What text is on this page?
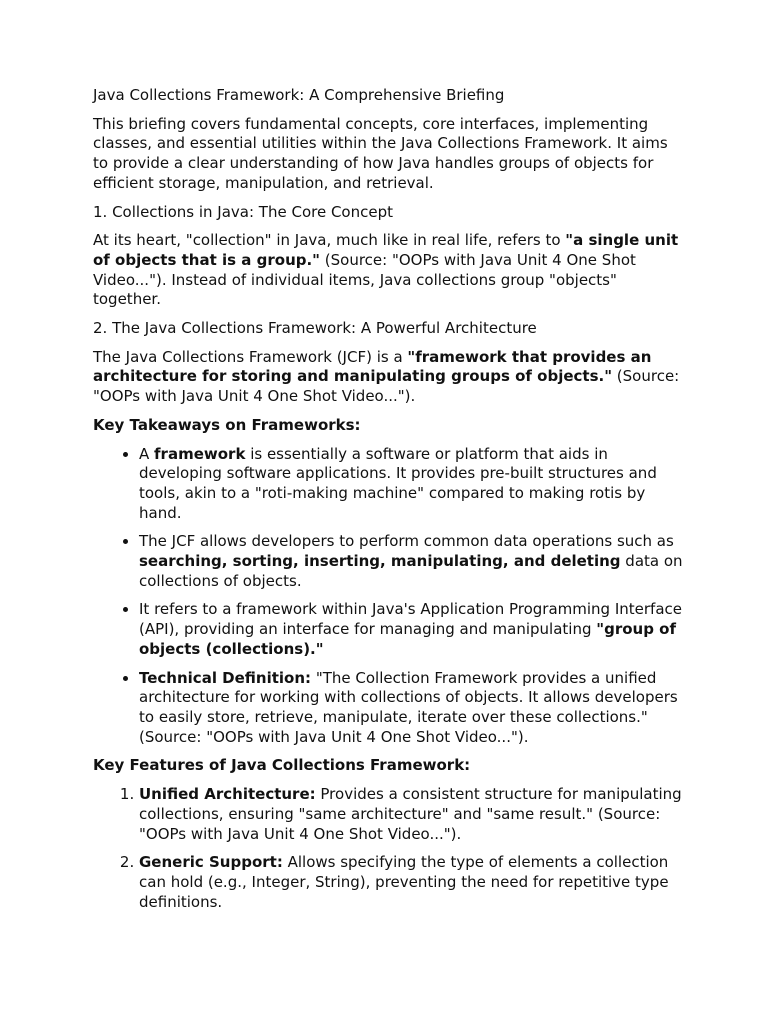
Java Collections Framework: A Comprehensive Briefing

This briefing covers fundamental concepts, core interfaces, implementing classes, and essential utilities within the Java Collections Framework. It aims to provide a clear understanding of how Java handles groups of objects for efficient storage, manipulation, and retrieval.

1. Collections in Java: The Core Concept

At its heart, "collection" in Java, much like in real life, refers to "a single unit of objects that is a group." (Source: "OOPs with Java Unit 4 One Shot Video..."). Instead of individual items, Java collections group "objects" together.

2. The Java Collections Framework: A Powerful Architecture

The Java Collections Framework (JCF) is a "framework that provides an architecture for storing and manipulating groups of objects." (Source: "OOPs with Java Unit 4 One Shot Video...").

Key Takeaways on Frameworks:

• A framework is essentially a software or platform that aids in developing software applications. It provides pre-built structures and tools, akin to a "roti-making machine" compared to making rotis by hand.
• The JCF allows developers to perform common data operations such as searching, sorting, inserting, manipulating, and deleting data on collections of objects.
• It refers to a framework within Java's Application Programming Interface (API), providing an interface for managing and manipulating "group of objects (collections)."
• Technical Definition: "The Collection Framework provides a unified architecture for working with collections of objects. It allows developers to easily store, retrieve, manipulate, iterate over these collections." (Source: "OOPs with Java Unit 4 One Shot Video...").

Key Features of Java Collections Framework:

1. Unified Architecture: Provides a consistent structure for manipulating collections, ensuring "same architecture" and "same result." (Source: "OOPs with Java Unit 4 One Shot Video...").
2. Generic Support: Allows specifying the type of elements a collection can hold (e.g., Integer, String), preventing the need for repetitive type definitions.
